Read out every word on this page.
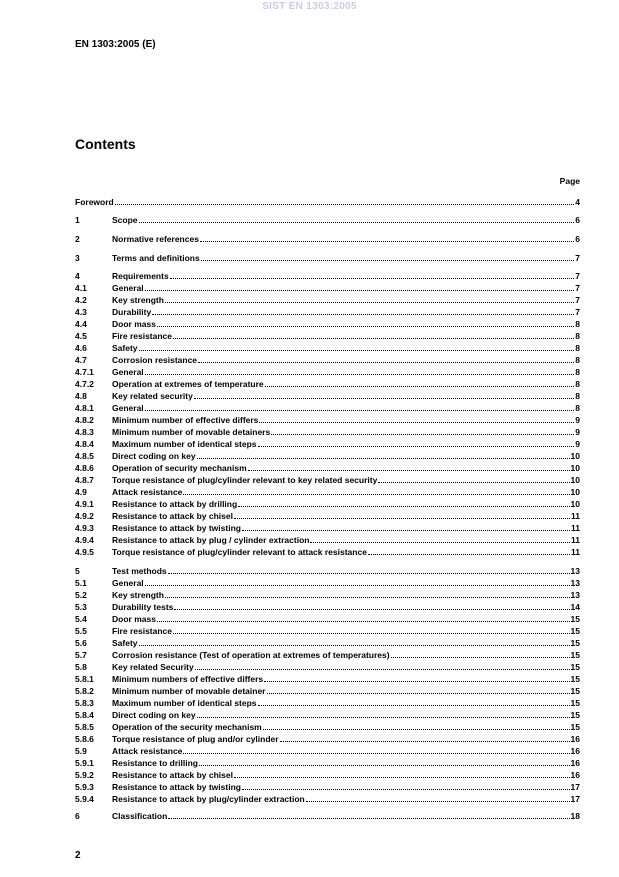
SIST EN 1303:2005
EN 1303:2005 (E)
Contents
Page
Foreword	4
1	Scope	6
2	Normative references	6
3	Terms and definitions	7
4	Requirements	7
4.1	General	7
4.2	Key strength	7
4.3	Durability	7
4.4	Door mass	8
4.5	Fire resistance	8
4.6	Safety	8
4.7	Corrosion resistance	8
4.7.1	General	8
4.7.2	Operation at extremes of temperature	8
4.8	Key related security	8
4.8.1	General	8
4.8.2	Minimum number of effective differs	9
4.8.3	Minimum number of movable detainers	9
4.8.4	Maximum number of identical steps	9
4.8.5	Direct coding on key	10
4.8.6	Operation of security mechanism	10
4.8.7	Torque resistance of plug/cylinder relevant to key related security	10
4.9	Attack resistance	10
4.9.1	Resistance to attack by drilling	10
4.9.2	Resistance to attack by chisel	11
4.9.3	Resistance to attack by twisting	11
4.9.4	Resistance to attack by plug / cylinder extraction	11
4.9.5	Torque resistance of plug/cylinder relevant to attack resistance	11
5	Test methods	13
5.1	General	13
5.2	Key strength	13
5.3	Durability tests	14
5.4	Door mass	15
5.5	Fire resistance	15
5.6	Safety	15
5.7	Corrosion resistance (Test of operation at extremes of temperatures)	15
5.8	Key related Security	15
5.8.1	Minimum numbers of effective differs	15
5.8.2	Minimum number of movable detainer	15
5.8.3	Maximum number of identical steps	15
5.8.4	Direct coding on key	15
5.8.5	Operation of the security mechanism	15
5.8.6	Torque resistance of plug and/or cylinder	16
5.9	Attack resistance	16
5.9.1	Resistance to drilling	16
5.9.2	Resistance to attack by chisel	16
5.9.3	Resistance to attack by twisting	17
5.9.4	Resistance to attack by plug/cylinder extraction	17
6	Classification	18
2
